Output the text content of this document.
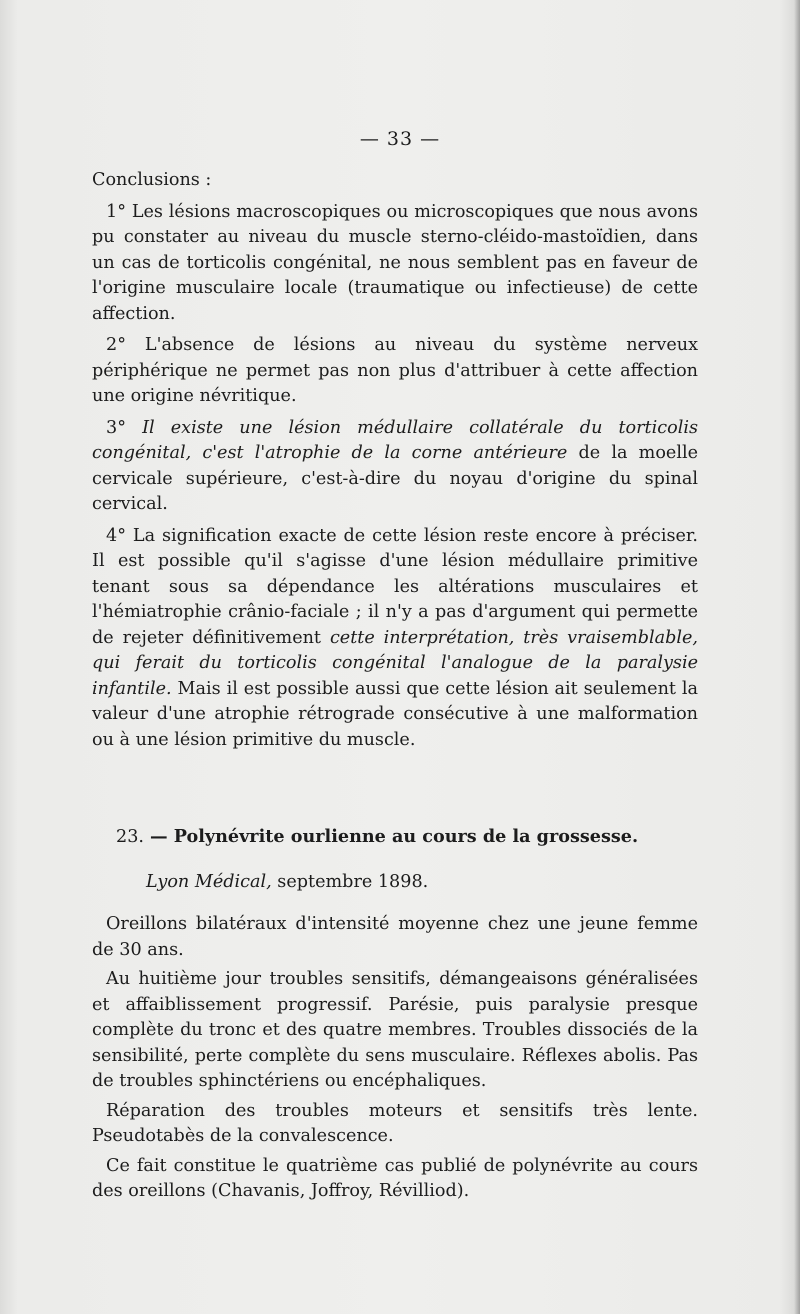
— 33 —

Conclusions :

1° Les lésions macroscopiques ou microscopiques que nous avons pu constater au niveau du muscle sterno-cléido-mastoïdien, dans un cas de torticolis congénital, ne nous semblent pas en faveur de l'origine musculaire locale (traumatique ou infectieuse) de cette affection.

2° L'absence de lésions au niveau du système nerveux périphérique ne permet pas non plus d'attribuer à cette affection une origine névritique.

3° Il existe une lésion médullaire collatérale du torticolis congénital, c'est l'atrophie de la corne antérieure de la moelle cervicale supérieure, c'est-à-dire du noyau d'origine du spinal cervical.

4° La signification exacte de cette lésion reste encore à préciser. Il est possible qu'il s'agisse d'une lésion médullaire primitive tenant sous sa dépendance les altérations musculaires et l'hémiatrophie crânio-faciale ; il n'y a pas d'argument qui permette de rejeter définitivement cette interprétation, très vraisemblable, qui ferait du torticolis congénital l'analogue de la paralysie infantile. Mais il est possible aussi que cette lésion ait seulement la valeur d'une atrophie rétrograde consécutive à une malformation ou à une lésion primitive du muscle.

23. — Polynévrite ourlienne au cours de la grossesse.
Lyon Médical, septembre 1898.

Oreillons bilatéraux d'intensité moyenne chez une jeune femme de 30 ans.

Au huitième jour troubles sensitifs, démangeaisons généralisées et affaiblissement progressif. Parésie, puis paralysie presque complète du tronc et des quatre membres. Troubles dissociés de la sensibilité, perte complète du sens musculaire. Réflexes abolis. Pas de troubles sphinctériens ou encéphaliques.

Réparation des troubles moteurs et sensitifs très lente. Pseudotabès de la convalescence.

Ce fait constitue le quatrième cas publié de polynévrite au cours des oreillons (Chavanis, Joffroy, Révilliod).
